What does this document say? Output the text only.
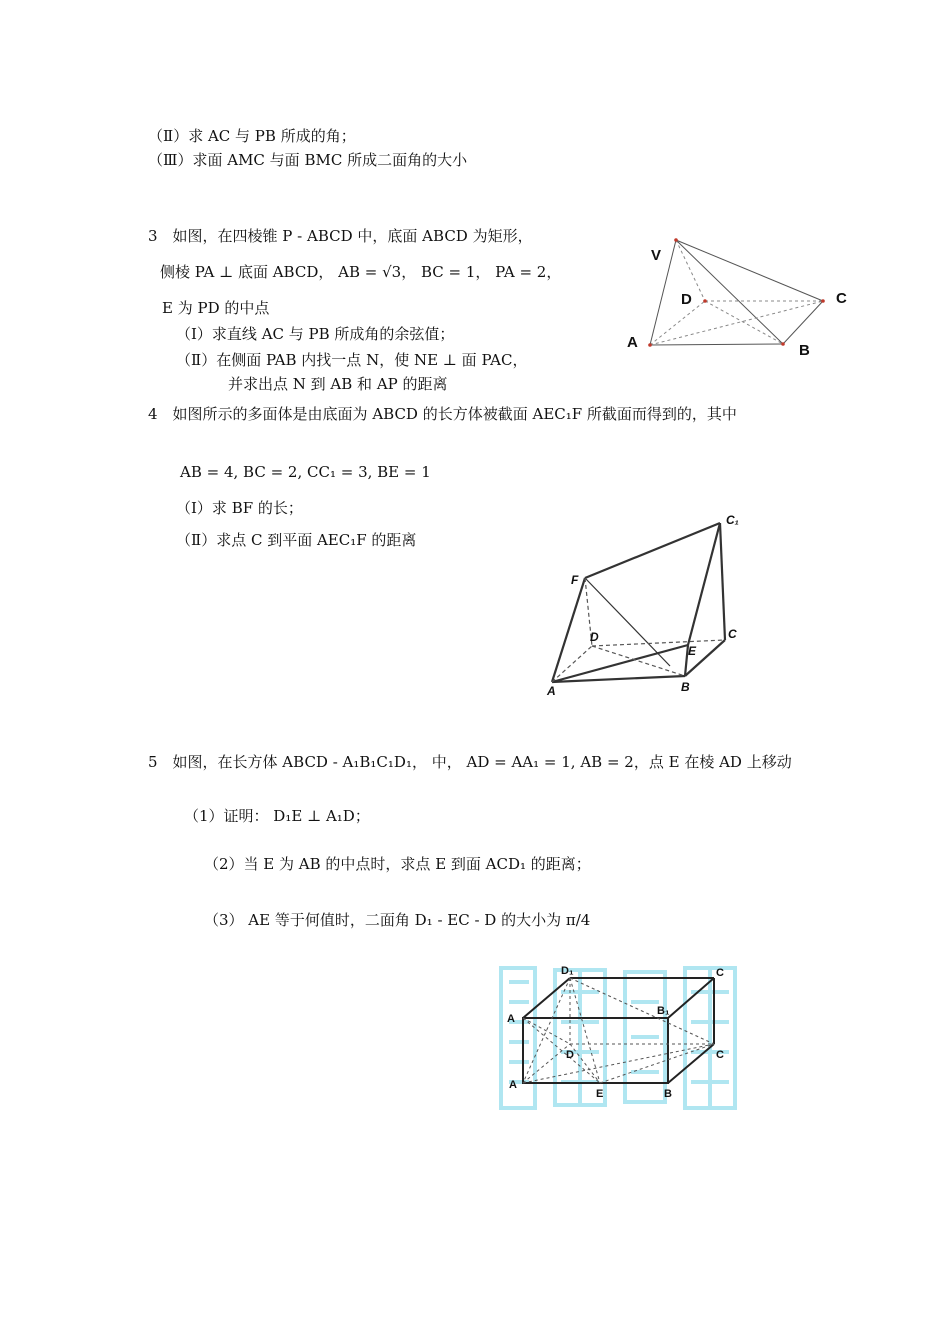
（Ⅱ）求 AC 与 PB 所成的角；
（Ⅲ）求面 AMC 与面 BMC 所成二面角的大小
3　如图，在四棱锥 P - ABCD 中，底面 ABCD 为矩形，
侧棱 PA ⊥ 底面 ABCD， AB = √3， BC = 1， PA = 2，
E 为 PD 的中点
（Ⅰ）求直线 AC 与 PB 所成角的余弦值；
（Ⅱ）在侧面 PAB 内找一点 N，使 NE ⊥ 面 PAC，
并求出点 N 到 AB 和 AP 的距离
V
D	C
A	B
4　如图所示的多面体是由底面为 ABCD 的长方体被截面 AEC₁F 所截面而得到的，其中
AB = 4, BC = 2, CC₁ = 3, BE = 1
（Ⅰ）求 BF 的长；
（Ⅱ）求点 C 到平面 AEC₁F 的距离
C₁
F
D	C
E
A	B
5　如图，在长方体 ABCD - A₁B₁C₁D₁， 中， AD = AA₁ = 1, AB = 2，点 E 在棱 AD 上移动
（1）证明： D₁E ⊥ A₁D；
（2）当 E 为 AB 的中点时，求点 E 到面 ACD₁ 的距离；
（3） AE 等于何值时，二面角 D₁ - EC - D 的大小为 π/4
D₁	C
A
B₁
D	C
A
E	B
